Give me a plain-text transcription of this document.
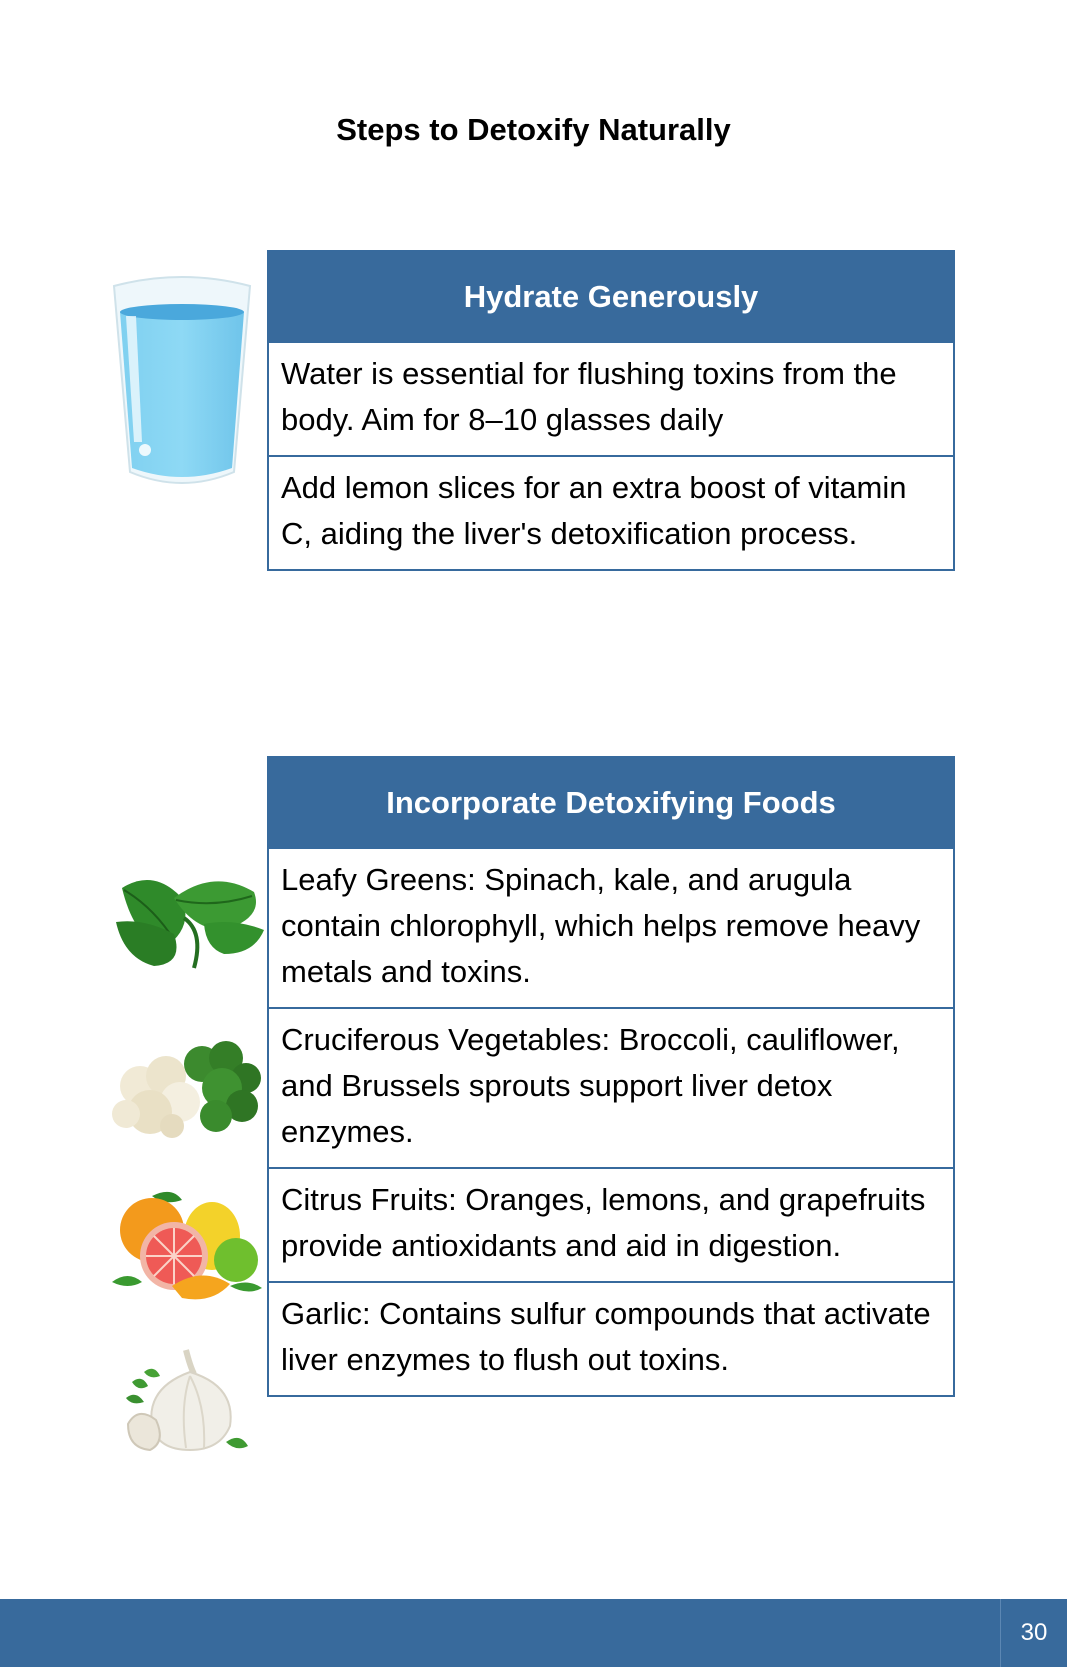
Steps to Detoxify Naturally
Hydrate Generously
Water is essential for flushing toxins from the body. Aim for 8–10 glasses daily
Add lemon slices for an extra boost of vitamin C, aiding the liver's detoxification process.
Incorporate Detoxifying Foods
Leafy Greens: Spinach, kale, and arugula contain chlorophyll, which helps remove heavy metals and toxins.
Cruciferous Vegetables: Broccoli, cauliflower, and Brussels sprouts support liver detox enzymes.
Citrus Fruits: Oranges, lemons, and grapefruits provide antioxidants and aid in digestion.
Garlic: Contains sulfur compounds that activate liver enzymes to flush out toxins.
30
